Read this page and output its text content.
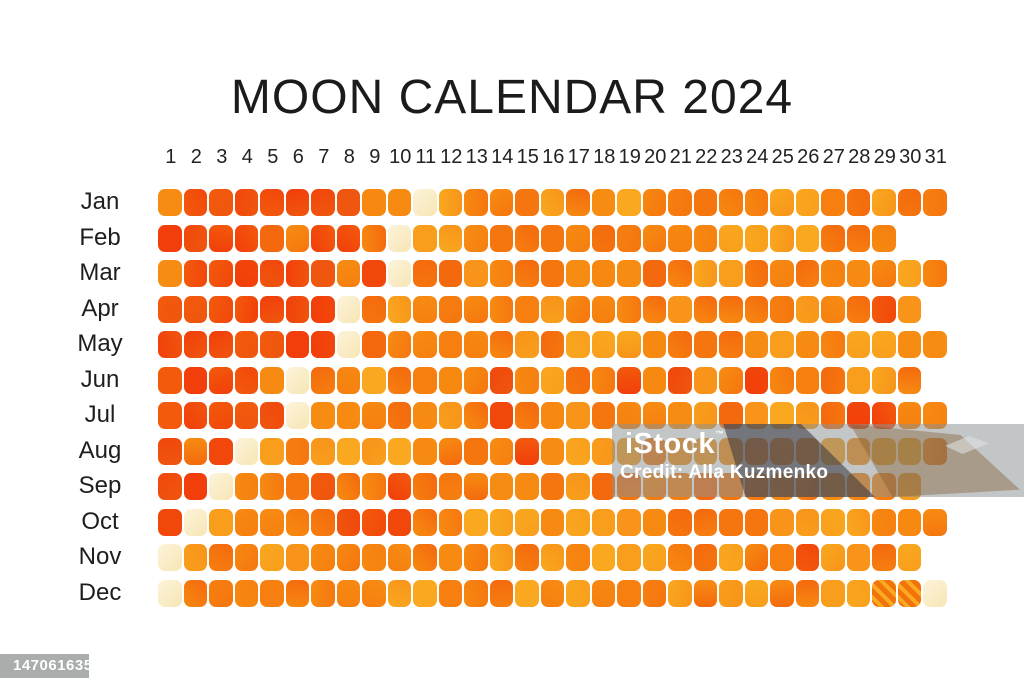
MOON CALENDAR 2024
1 2 3 4 5 6 7 8 9 10 11 12 13 14 15 16 17 18 19 20 21 22 23 24 25 26 27 28 29 30 31
Jan
Feb
Mar
Apr
May
Jun
Jul
Aug
Sep
Oct
Nov
Dec
iStock™
Credit: Alla Kuzmenko
1470616354
